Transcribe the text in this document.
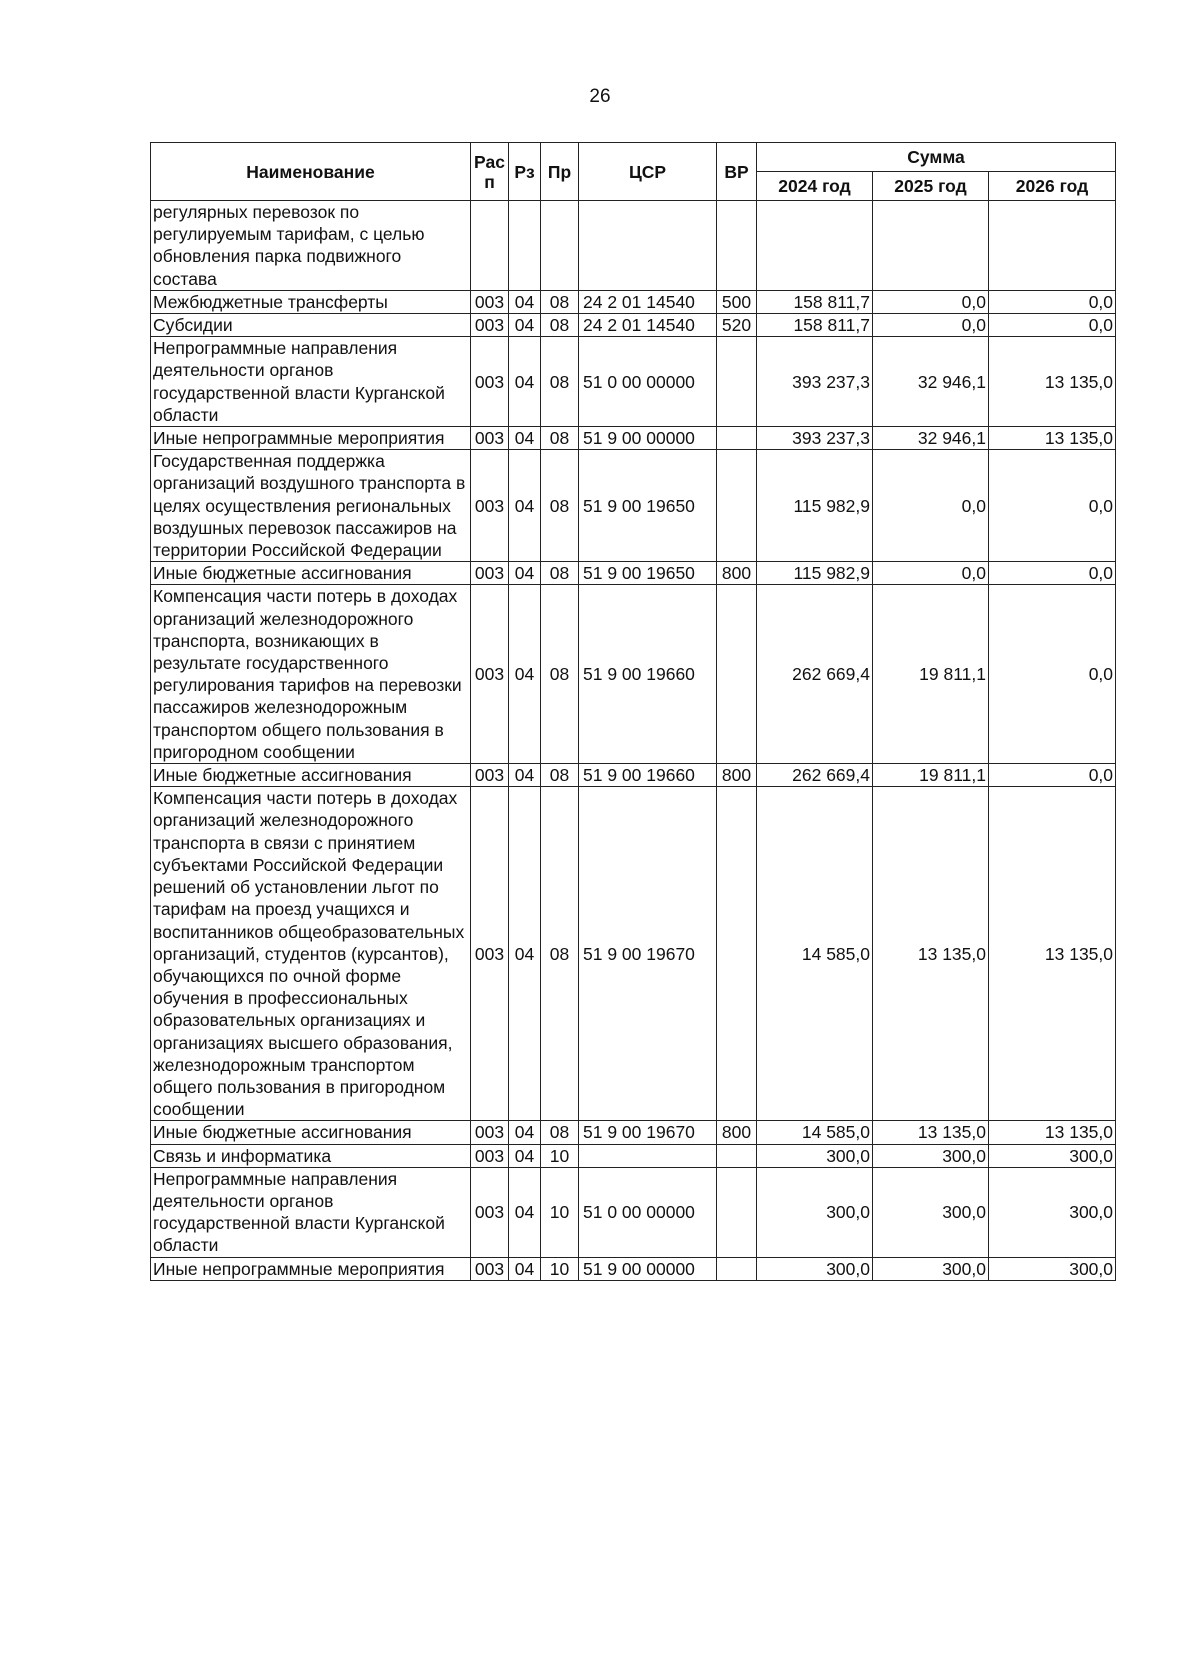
26
Наименование	Рас п	Рз	Пр	ЦСР	ВР	Сумма		
						2024 год	2025 год	2026 год
регулярных перевозок по регулируемым тарифам, с целью обновления парка подвижного состава								
Межбюджетные трансферты	003	04	08	24 2 01 14540	500	158 811,7	0,0	0,0
Субсидии	003	04	08	24 2 01 14540	520	158 811,7	0,0	0,0
Непрограммные направления деятельности органов государственной власти Курганской области	003	04	08	51 0 00 00000		393 237,3	32 946,1	13 135,0
Иные непрограммные мероприятия	003	04	08	51 9 00 00000		393 237,3	32 946,1	13 135,0
Государственная поддержка организаций воздушного транспорта в целях осуществления региональных воздушных перевозок пассажиров на территории Российской Федерации	003	04	08	51 9 00 19650		115 982,9	0,0	0,0
Иные бюджетные ассигнования	003	04	08	51 9 00 19650	800	115 982,9	0,0	0,0
Компенсация части потерь в доходах организаций железнодорожного транспорта, возникающих в результате государственного регулирования тарифов на перевозки пассажиров железнодорожным транспортом общего пользования в пригородном сообщении	003	04	08	51 9 00 19660		262 669,4	19 811,1	0,0
Иные бюджетные ассигнования	003	04	08	51 9 00 19660	800	262 669,4	19 811,1	0,0
Компенсация части потерь в доходах организаций железнодорожного транспорта в связи с принятием субъектами Российской Федерации решений об установлении льгот по тарифам на проезд учащихся и воспитанников общеобразовательных организаций, студентов (курсантов), обучающихся по очной форме обучения в профессиональных образовательных организациях и организациях высшего образования, железнодорожным транспортом общего пользования в пригородном сообщении	003	04	08	51 9 00 19670		14 585,0	13 135,0	13 135,0
Иные бюджетные ассигнования	003	04	08	51 9 00 19670	800	14 585,0	13 135,0	13 135,0
Связь и информатика	003	04	10			300,0	300,0	300,0
Непрограммные направления деятельности органов государственной власти Курганской области	003	04	10	51 0 00 00000		300,0	300,0	300,0
Иные непрограммные мероприятия	003	04	10	51 9 00 00000		300,0	300,0	300,0
